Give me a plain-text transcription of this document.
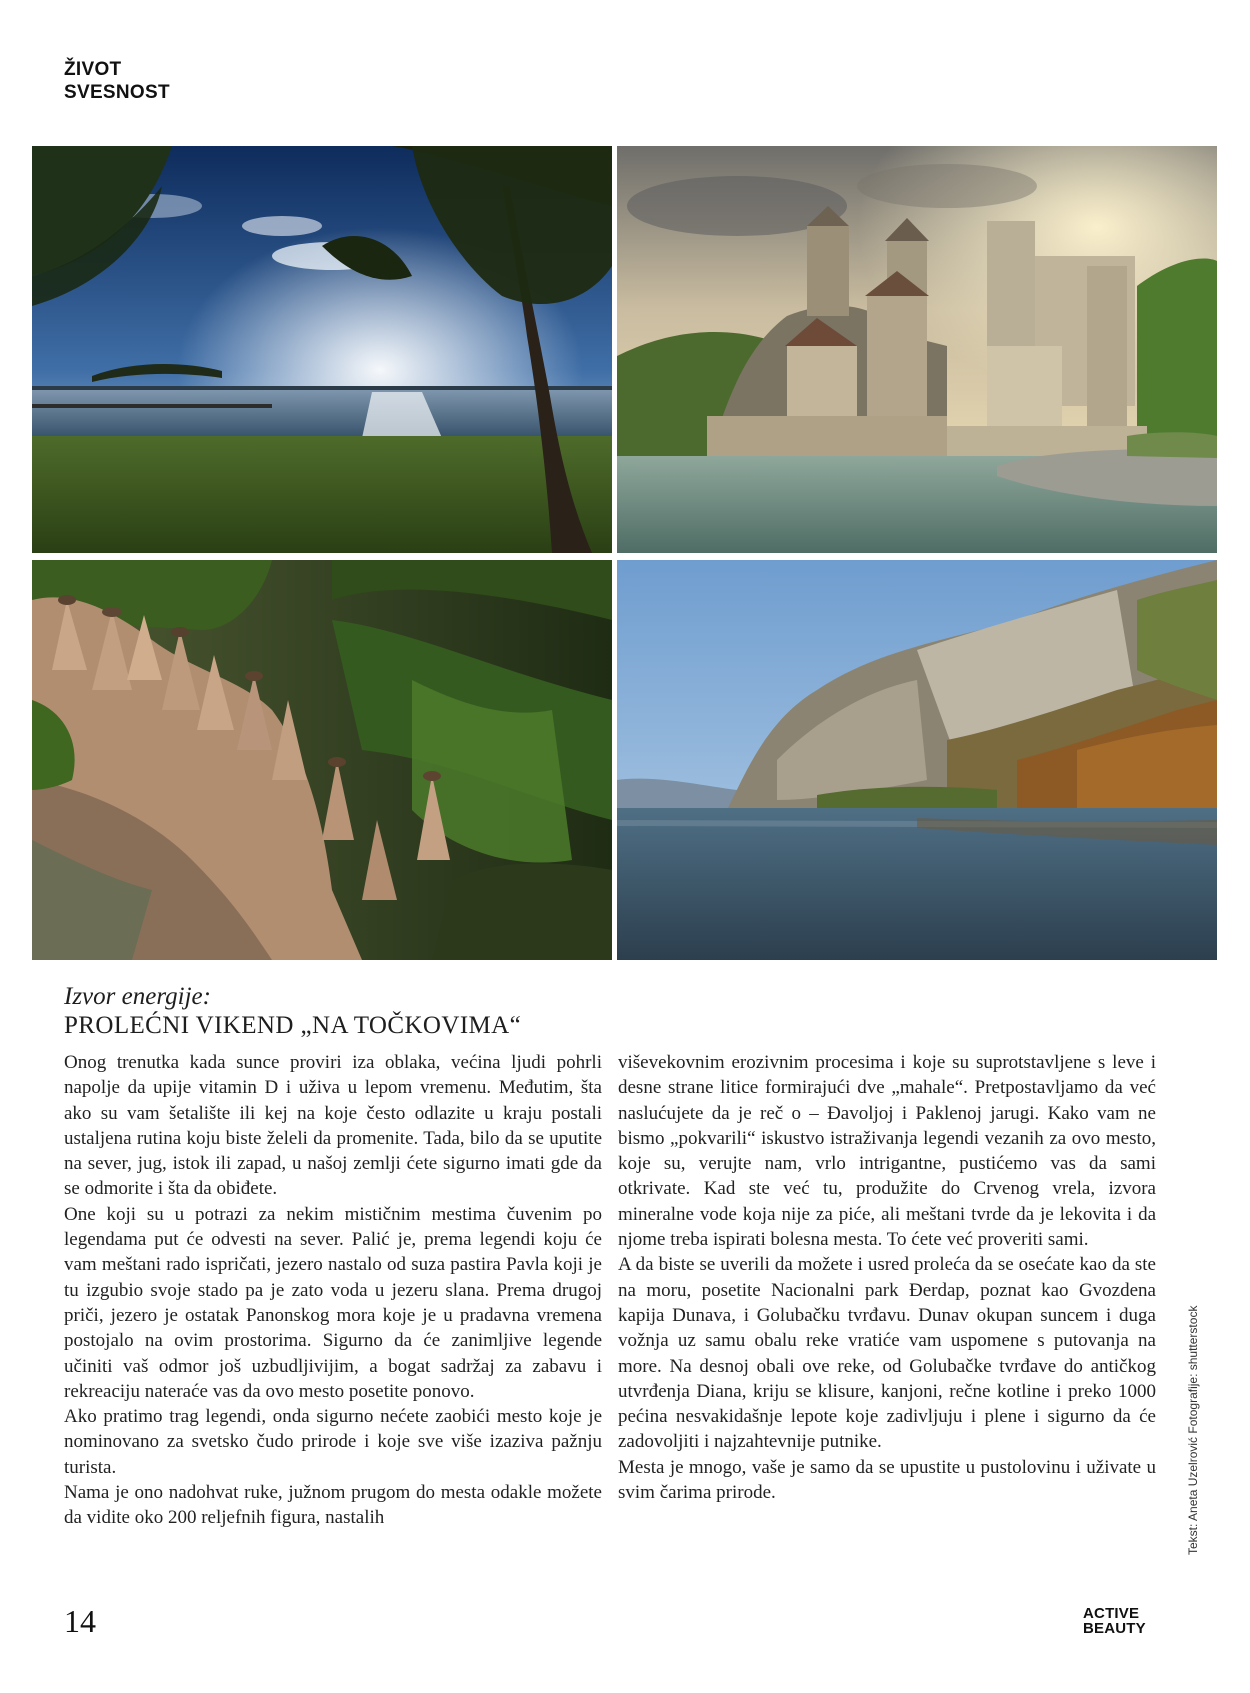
ŽIVOT
SVESNOST
Izvor energije:
PROLEĆNI VIKEND „NA TOČKOVIMA“

Onog trenutka kada sunce proviri iza oblaka, većina ljudi pohrli napolje da upije vitamin D i uživa u lepom vremenu. Međutim, šta ako su vam šetalište ili kej na koje često odlazite u kraju postali ustaljena rutina koju biste želeli da promenite. Tada, bilo da se uputite na sever, jug, istok ili zapad, u našoj zemlji ćete sigurno imati gde da se odmorite i šta da obiđete.

One koji su u potrazi za nekim mističnim mestima čuvenim po legendama put će odvesti na sever. Palić je, prema legendi koju će vam meštani rado ispričati, jezero nastalo od suza pastira Pavla koji je tu izgubio svoje stado pa je zato voda u jezeru slana. Prema drugoj priči, jezero je ostatak Panonskog mora koje je u pradavna vremena postojalo na ovim prostorima. Sigurno da će zanimljive legende učiniti vaš odmor još uzbudljivijim, a bogat sadržaj za zabavu i rekreaciju nateraće vas da ovo mesto posetite ponovo.

Ako pratimo trag legendi, onda sigurno nećete zaobići mesto koje je nominovano za svetsko čudo prirode i koje sve više izaziva pažnju turista.

Nama je ono nadohvat ruke, južnom prugom do mesta odakle možete da vidite oko 200 reljefnih figura, nastalih

viševekovnim erozivnim procesima i koje su suprotstavljene s leve i desne strane litice formirajući dve „mahale“. Pretpostavljamo da već naslućujete da je reč o – Đavoljoj i Paklenoj jarugi. Kako vam ne bismo „pokvarili“ iskustvo istraživanja legendi vezanih za ovo mesto, koje su, verujte nam, vrlo intrigantne, pustićemo vas da sami otkrivate. Kad ste već tu, produžite do Crvenog vrela, izvora mineralne vode koja nije za piće, ali meštani tvrde da je lekovita i da njome treba ispirati bolesna mesta. To ćete već proveriti sami.

A da biste se uverili da možete i usred proleća da se osećate kao da ste na moru, posetite Nacionalni park Đerdap, poznat kao Gvozdena kapija Dunava, i Golubačku tvrđavu. Dunav okupan suncem i duga vožnja uz samu obalu reke vratiće vam uspomene s putovanja na more. Na desnoj obali ove reke, od Golubačke tvrđave do antičkog utvrđenja Diana, kriju se klisure, kanjoni, rečne kotline i preko 1000 pećina nesvakidašnje lepote koje zadivljuju i plene i sigurno da će zadovoljiti i najzahtevnije putnike.

Mesta je mnogo, vaše je samo da se upustite u pustolovinu i uživate u svim čarima prirode.	Tekst: Aneta Uzelrović Fotografije: shutterstock
14	ACTIVE
BEAUTY
